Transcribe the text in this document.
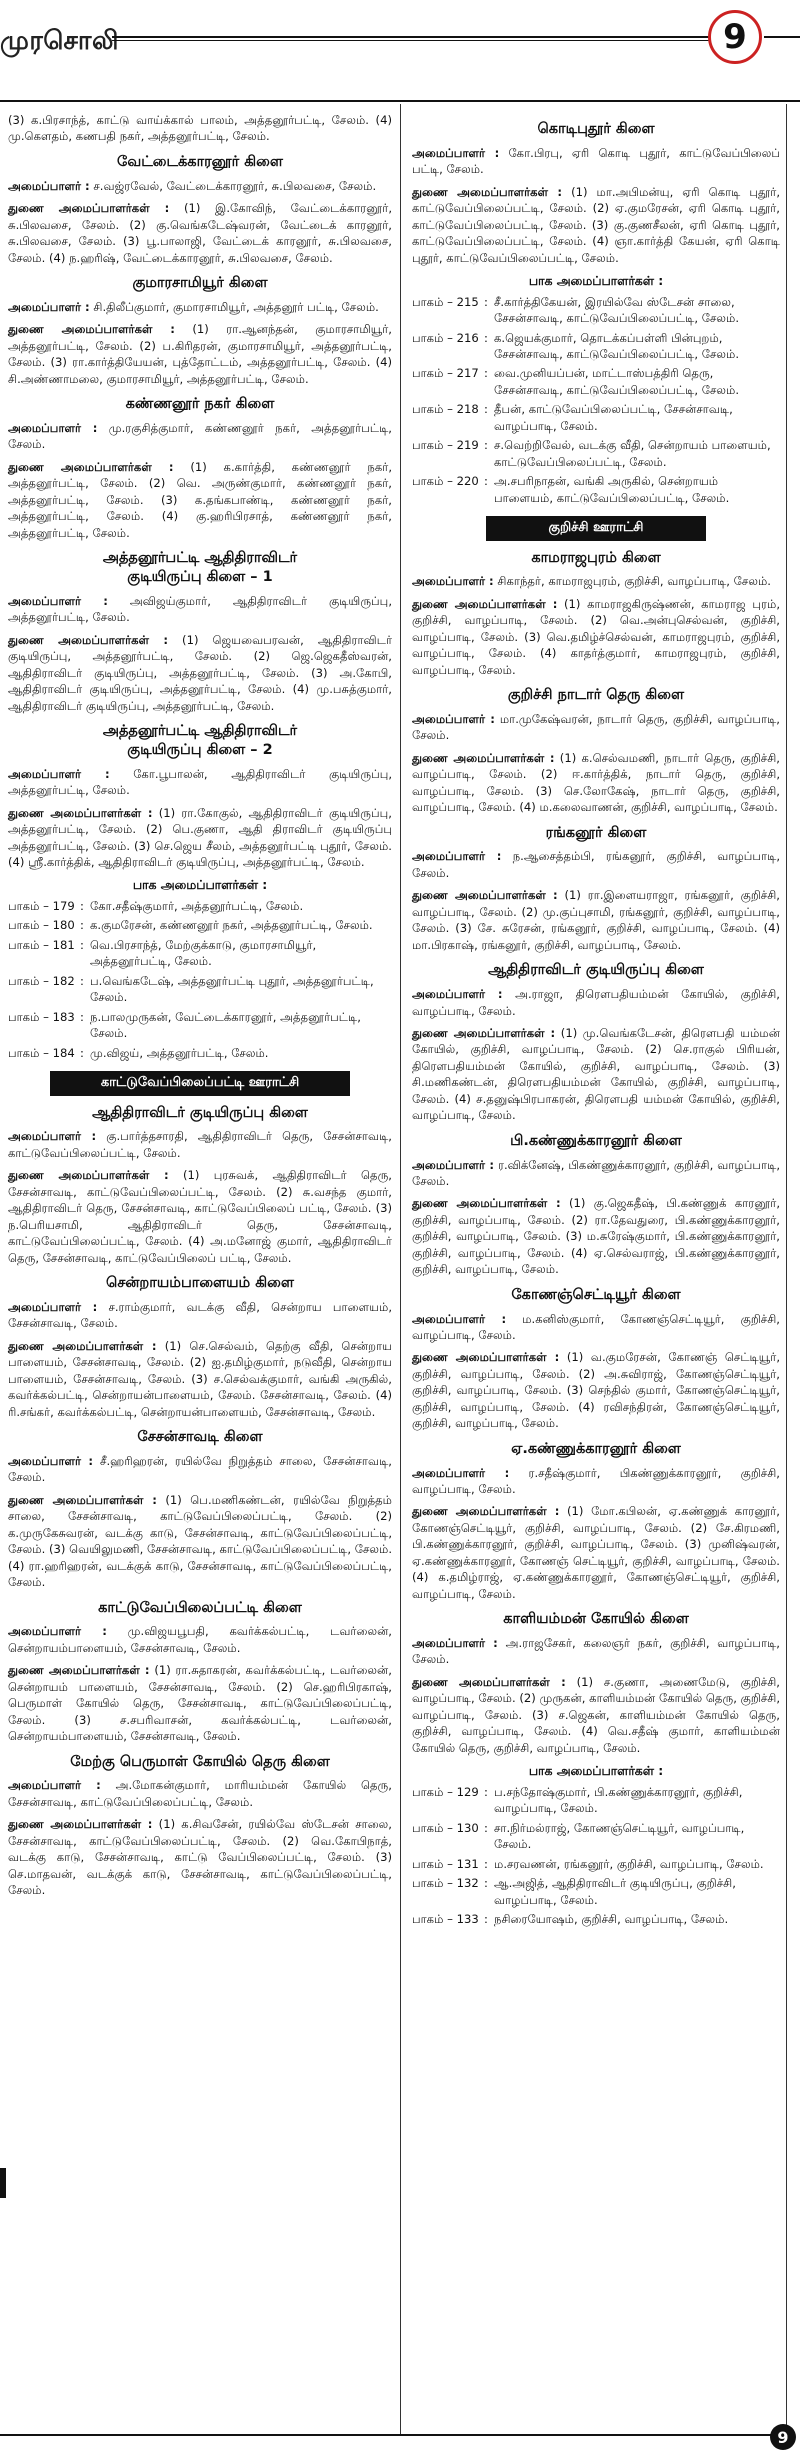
முரசொலி	9

(3) க.பிரசாந்த், காட்டு வாய்க்கால் பாலம், அத்தனூர்பட்டி, சேலம். (4) மு.கௌதம், கணபதி நகர், அத்தனூர்பட்டி, சேலம்.

வேட்டைக்காரனூர் கிளை

அமைப்பாளர் : ச.வஜ்ரவேல், வேட்டைக்காரனூர், சு.பிலவசை, சேலம்.

துணை அமைப்பாளர்கள் : (1) இ.கோவிந், வேட்டைக்காரனூர், சு.பிலவசை, சேலம். (2) கு.வெங்கடேஷ்வரன், வேட்டைக் காரனூர், சு.பிலவசை, சேலம். (3) பூ.பாலாஜி, வேட்டைக் காரனூர், சு.பிலவசை, சேலம். (4) ந.ஹரிஷ், வேட்டைக்காரனூர், சு.பிலவசை, சேலம்.

குமாரசாமியூர் கிளை

அமைப்பாளர் : சி.திலீப்குமார், குமாரசாமியூர், அத்தனூர் பட்டி, சேலம்.

துணை அமைப்பாளர்கள் : (1) ரா.ஆனந்தன், குமாரசாமியூர், அத்தனூர்பட்டி, சேலம். (2) ப.கிரிதரன், குமாரசாமியூர், அத்தனூர்பட்டி, சேலம். (3) ரா.கார்த்தியேயன், புத்தோட்டம், அத்தனூர்பட்டி, சேலம். (4) சி.அண்ணாமலை, குமாரசாமியூர், அத்தனூர்பட்டி, சேலம்.

கண்ணனூர் நகர் கிளை

அமைப்பாளர் : மு.ரகுசித்குமார், கண்ணனூர் நகர், அத்தனூர்பட்டி, சேலம்.

துணை அமைப்பாளர்கள் : (1) க.கார்த்தி, கண்ணனூர் நகர், அத்தனூர்பட்டி, சேலம். (2) வெ. அருண்குமார், கண்ணனூர் நகர், அத்தனூர்பட்டி, சேலம். (3) க.தங்கபாண்டி, கண்ணனூர் நகர், அத்தனூர்பட்டி, சேலம். (4) கு.ஹரிபிரசாத், கண்ணனூர் நகர், அத்தனூர்பட்டி, சேலம்.

அத்தனூர்பட்டி ஆதிதிராவிடர்
குடியிருப்பு கிளை – 1

அமைப்பாளர் : அவிஜய்குமார், ஆதிதிராவிடர் குடியிருப்பு, அத்தனூர்பட்டி, சேலம்.

துணை அமைப்பாளர்கள் : (1) ஜெயவைபரவன், ஆதிதிராவிடர் குடியிருப்பு, அத்தனூர்பட்டி, சேலம். (2) ஜெ.ஜெகதீஸ்வரன், ஆதிதிராவிடர் குடியிருப்பு, அத்தனூர்பட்டி, சேலம். (3) அ.கோபி, ஆதிதிராவிடர் குடியிருப்பு, அத்தனூர்பட்டி, சேலம். (4) மு.பசுத்குமார், ஆதிதிராவிடர் குடியிருப்பு, அத்தனூர்பட்டி, சேலம்.

அத்தனூர்பட்டி ஆதிதிராவிடர்
குடியிருப்பு கிளை – 2

அமைப்பாளர் : கோ.பூபாலன், ஆதிதிராவிடர் குடியிருப்பு, அத்தனூர்பட்டி, சேலம்.

துணை அமைப்பாளர்கள் : (1) ரா.கோகுல், ஆதிதிராவிடர் குடியிருப்பு, அத்தனூர்பட்டி, சேலம். (2) பெ.குணா, ஆதி திராவிடர் குடியிருப்பு அத்தனூர்பட்டி, சேலம். (3) செ.ஜெய சீலம், அத்தனூர்பட்டி புதூர், சேலம். (4) ஸ்ரீ.கார்த்திக், ஆதிதிராவிடர் குடியிருப்பு, அத்தனூர்பட்டி, சேலம்.

பாக அமைப்பாளர்கள் :
பாகம் – 179 : கோ.சதீஷ்குமார், அத்தனூர்பட்டி, சேலம்.
பாகம் – 180 : க.குமரேசன், கண்ணனூர் நகர், அத்தனூர்பட்டி, சேலம்.
பாகம் – 181 : வெ.பிரசாந்த், மேற்குக்காடு, குமாரசாமியூர், அத்தனூர்பட்டி, சேலம்.
பாகம் – 182 : ப.வெங்கடேஷ், அத்தனூர்பட்டி புதூர், அத்தனூர்பட்டி, சேலம்.
பாகம் – 183 : ந.பாலமுருகன், வேட்டைக்காரனூர், அத்தனூர்பட்டி, சேலம்.
பாகம் – 184 : மு.விஜய், அத்தனூர்பட்டி, சேலம்.
காட்டுவேப்பிலைப்பட்டி ஊராட்சி
ஆதிதிராவிடர் குடியிருப்பு கிளை

அமைப்பாளர் : கு.பார்த்தசாரதி, ஆதிதிராவிடர் தெரு, சேசன்சாவடி, காட்டுவேப்பிலைப்பட்டி, சேலம்.

துணை அமைப்பாளர்கள் : (1) புரசுவக், ஆதிதிராவிடர் தெரு, சேசன்சாவடி, காட்டுவேப்பிலைப்பட்டி, சேலம். (2) சு.வசந்த குமார், ஆதிதிராவிடர் தெரு, சேசன்சாவடி, காட்டுவேப்பிலைப் பட்டி, சேலம். (3) ந.பெரியசாமி, ஆதிதிராவிடர் தெரு, சேசன்சாவடி, காட்டுவேப்பிலைப்பட்டி, சேலம். (4) அ.மனோஜ் குமார், ஆதிதிராவிடர் தெரு, சேசன்சாவடி, காட்டுவேப்பிலைப் பட்டி, சேலம்.

சென்றாயம்பாளையம் கிளை

அமைப்பாளர் : ச.ராம்குமார், வடக்கு வீதி, சென்றாய பாளையம், சேசன்சாவடி, சேலம்.

துணை அமைப்பாளர்கள் : (1) செ.செல்வம், தெற்கு வீதி, சென்றாய பாளையம், சேசன்சாவடி, சேலம். (2) ஐ.தமிழ்குமார், நடுவீதி, சென்றாய பாளையம், சேசன்சாவடி, சேலம். (3) ச.செல்வக்குமார், வங்கி அருகில், கவர்க்கல்பட்டி, சென்றாயன்பாளையம், சேலம். சேசன்சாவடி, சேலம். (4) ரி.சங்கர், கவர்க்கல்பட்டி, சென்றாயன்பாளையம், சேசன்சாவடி, சேலம்.

சேசன்சாவடி கிளை

அமைப்பாளர் : சீ.ஹரிஹரன், ரயில்வே நிறுத்தம் சாலை, சேசன்சாவடி, சேலம்.

துணை அமைப்பாளர்கள் : (1) பெ.மணிகண்டன், ரயில்வே நிறுத்தம் சாலை, சேசன்சாவடி, காட்டுவேப்பிலைப்பட்டி, சேலம். (2) க.முருகேசுவரன், வடக்கு காடு, சேசன்சாவடி, காட்டுவேப்பிலைப்பட்டி, சேலம். (3) வெயிலுமணி, சேசன்சாவடி, காட்டுவேப்பிலைப்பட்டி, சேலம். (4) ரா.ஹரிஹரன், வடக்குக் காடு, சேசன்சாவடி, காட்டுவேப்பிலைப்பட்டி, சேலம்.

காட்டுவேப்பிலைப்பட்டி கிளை

அமைப்பாளர் : மு.விஜயபூபதி, கவர்க்கல்பட்டி, டவர்லைன், சென்றாயம்பாளையம், சேசன்சாவடி, சேலம்.

துணை அமைப்பாளர்கள் : (1) ரா.சுதாகரன், கவர்க்கல்பட்டி, டவர்லைன், சென்றாயம் பாளையம், சேசன்சாவடி, சேலம். (2) செ.ஹரிபிரகாஷ், பெருமாள் கோயில் தெரு, சேசன்சாவடி, காட்டுவேப்பிலைப்பட்டி, சேலம். (3) ச.சபரிவாசன், கவர்க்கல்பட்டி, டவர்லைன், சென்றாயம்பாளையம், சேசன்சாவடி, சேலம்.

மேற்கு பெருமாள் கோயில் தெரு கிளை

அமைப்பாளர் : அ.மோகன்குமார், மாரியம்மன் கோயில் தெரு, சேசன்சாவடி, காட்டுவேப்பிலைப்பட்டி, சேலம்.

துணை அமைப்பாளர்கள் : (1) க.சிவசேன், ரயில்வே ஸ்டேசன் சாலை, சேசன்சாவடி, காட்டுவேப்பிலைப்பட்டி, சேலம். (2) வெ.கோபிநாத், வடக்கு காடு, சேசன்சாவடி, காட்டு வேப்பிலைப்பட்டி, சேலம். (3) செ.மாதவன், வடக்குக் காடு, சேசன்சாவடி, காட்டுவேப்பிலைப்பட்டி, சேலம்.

கொடிபுதூர் கிளை

அமைப்பாளர் : கோ.பிரபு, ஏரி கொடி புதூர், காட்டுவேப்பிலைப் பட்டி, சேலம்.

துணை அமைப்பாளர்கள் : (1) மா.அபிமன்யு, ஏரி கொடி புதூர், காட்டுவேப்பிலைப்பட்டி, சேலம். (2) ஏ.குமரேசன், ஏரி கொடி புதூர், காட்டுவேப்பிலைப்பட்டி, சேலம். (3) கு.குணசீலன், ஏரி கொடி புதூர், காட்டுவேப்பிலைப்பட்டி, சேலம். (4) ஞா.கார்த்தி கேயன், ஏரி கொடி புதூர், காட்டுவேப்பிலைப்பட்டி, சேலம்.

பாக அமைப்பாளர்கள் :
பாகம் – 215 : சீ.கார்த்திகேயன், இரயில்வே ஸ்டேசன் சாலை, சேசன்சாவடி, காட்டுவேப்பிலைப்பட்டி, சேலம்.
பாகம் – 216 : க.ஜெயக்குமார், தொடக்கப்பள்ளி பின்புறம், சேசன்சாவடி, காட்டுவேப்பிலைப்பட்டி, சேலம்.
பாகம் – 217 : வை.முனியப்பன், மாட்டாஸ்பத்திரி தெரு, சேசன்சாவடி, காட்டுவேப்பிலைப்பட்டி, சேலம்.
பாகம் – 218 : தீபன், காட்டுவேப்பிலைப்பட்டி, சேசன்சாவடி, வாழப்பாடி, சேலம்.
பாகம் – 219 : ச.வெற்றிவேல், வடக்கு வீதி, சென்றாயம் பாளையம், காட்டுவேப்பிலைப்பட்டி, சேலம்.
பாகம் – 220 : அ.சபரிநாதன், வங்கி அருகில், சென்றாயம் பாளையம், காட்டுவேப்பிலைப்பட்டி, சேலம்.
குறிச்சி ஊராட்சி
காமராஜபுரம் கிளை

அமைப்பாளர் : சிகாந்தர், காமராஜபுரம், குறிச்சி, வாழப்பாடி, சேலம்.

துணை அமைப்பாளர்கள் : (1) காமராஜகிருஷ்ணன், காமராஜ புரம், குறிச்சி, வாழப்பாடி, சேலம். (2) வெ.அன்புசெல்வன், குறிச்சி, வாழப்பாடி, சேலம். (3) வெ.தமிழ்ச்செல்வன், காமராஜபுரம், குறிச்சி, வாழப்பாடி, சேலம். (4) காதர்த்குமார், காமராஜபுரம், குறிச்சி, வாழப்பாடி, சேலம்.

குறிச்சி நாடார் தெரு கிளை

அமைப்பாளர் : மா.முகேஷ்வரன், நாடார் தெரு, குறிச்சி, வாழப்பாடி, சேலம்.

துணை அமைப்பாளர்கள் : (1) க.செல்வமணி, நாடார் தெரு, குறிச்சி, வாழப்பாடி, சேலம். (2) ஈ.கார்த்திக், நாடார் தெரு, குறிச்சி, வாழப்பாடி, சேலம். (3) செ.லோகேஷ், நாடார் தெரு, குறிச்சி, வாழப்பாடி, சேலம். (4) ம.கலைவாணன், குறிச்சி, வாழப்பாடி, சேலம்.

ரங்கனூர் கிளை

அமைப்பாளர் : ந.ஆசைத்தம்பி, ரங்கனூர், குறிச்சி, வாழப்பாடி, சேலம்.

துணை அமைப்பாளர்கள் : (1) ரா.இளையராஜா, ரங்கனூர், குறிச்சி, வாழப்பாடி, சேலம். (2) மு.குப்புசாமி, ரங்கனூர், குறிச்சி, வாழப்பாடி, சேலம். (3) சே. சுரேசன், ரங்கனூர், குறிச்சி, வாழப்பாடி, சேலம். (4) மா.பிரகாஷ், ரங்கனூர், குறிச்சி, வாழப்பாடி, சேலம்.

ஆதிதிராவிடர் குடியிருப்பு கிளை

அமைப்பாளர் : அ.ராஜா, திரௌபதியம்மன் கோயில், குறிச்சி, வாழப்பாடி, சேலம்.

துணை அமைப்பாளர்கள் : (1) மு.வெங்கடேசன், திரௌபதி யம்மன் கோயில், குறிச்சி, வாழப்பாடி, சேலம். (2) செ.ராகுல் பிரியன், திரௌபதியம்மன் கோயில், குறிச்சி, வாழப்பாடி, சேலம். (3) சி.மணிகண்டன், திரௌபதியம்மன் கோயில், குறிச்சி, வாழப்பாடி, சேலம். (4) ச.தனுஷ்பிரபாகரன், திரௌபதி யம்மன் கோயில், குறிச்சி, வாழப்பாடி, சேலம்.

பி.கண்ணுக்காரனூர் கிளை

அமைப்பாளர் : ர.விக்னேஷ், பிகண்ணுக்காரனூர், குறிச்சி, வாழப்பாடி, சேலம்.

துணை அமைப்பாளர்கள் : (1) கு.ஜெகதீஷ், பி.கண்ணுக் காரனூர், குறிச்சி, வாழப்பாடி, சேலம். (2) ரா.தேவதுரை, பி.கண்ணுக்காரனூர், குறிச்சி, வாழப்பாடி, சேலம். (3) ம.சுரேஷ்குமார், பி.கண்ணுக்காரனூர், குறிச்சி, வாழப்பாடி, சேலம். (4) ஏ.செல்வராஜ், பி.கண்ணுக்காரனூர், குறிச்சி, வாழப்பாடி, சேலம்.

கோணஞ்செட்டியூர் கிளை

அமைப்பாளர் : ம.கனிஸ்குமார், கோணஞ்செட்டியூர், குறிச்சி, வாழப்பாடி, சேலம்.

துணை அமைப்பாளர்கள் : (1) வ.குமரேசன், கோணஞ் செட்டியூர், குறிச்சி, வாழப்பாடி, சேலம். (2) அ.சுவிராஜ், கோணஞ்செட்டியூர், குறிச்சி, வாழப்பாடி, சேலம். (3) செந்தில் குமார், கோணஞ்செட்டியூர், குறிச்சி, வாழப்பாடி, சேலம். (4) ரவிசந்திரன், கோணஞ்செட்டியூர், குறிச்சி, வாழப்பாடி, சேலம்.

ஏ.கண்ணுக்காரனூர் கிளை

அமைப்பாளர் : ர.சதீஷ்குமார், பிகண்ணுக்காரனூர், குறிச்சி, வாழப்பாடி, சேலம்.

துணை அமைப்பாளர்கள் : (1) மோ.கபிலன், ஏ.கண்ணுக் காரனூர், கோணஞ்செட்டியூர், குறிச்சி, வாழப்பாடி, சேலம். (2) சே.கிரமணி, பி.கண்ணுக்காரனூர், குறிச்சி, வாழப்பாடி, சேலம். (3) முனிஷ்வரன், ஏ.கண்ணுக்காரனூர், கோணஞ் செட்டியூர், குறிச்சி, வாழப்பாடி, சேலம். (4) க.தமிழ்ராஜ், ஏ.கண்ணுக்காரனூர், கோணஞ்செட்டியூர், குறிச்சி, வாழப்பாடி, சேலம்.

காளியம்மன் கோயில் கிளை

அமைப்பாளர் : அ.ராஜசேகர், கலைஞர் நகர், குறிச்சி, வாழப்பாடி, சேலம்.

துணை அமைப்பாளர்கள் : (1) ச.குணா, அணைமேடு, குறிச்சி, வாழப்பாடி, சேலம். (2) முருகன், காளியம்மன் கோயில் தெரு, குறிச்சி, வாழப்பாடி, சேலம். (3) ச.ஜெகன், காளியம்மன் கோயில் தெரு, குறிச்சி, வாழப்பாடி, சேலம். (4) வெ.சதீஷ் குமார், காளியம்மன் கோயில் தெரு, குறிச்சி, வாழப்பாடி, சேலம்.

பாக அமைப்பாளர்கள் :
பாகம் – 129 : ப.சந்தோஷ்குமார், பி.கண்ணுக்காரனூர், குறிச்சி, வாழப்பாடி, சேலம்.
பாகம் – 130 : சா.நிர்மல்ராஜ், கோணஞ்செட்டியூர், வாழப்பாடி, சேலம்.
பாகம் – 131 : ம.சரவணன், ரங்கனூர், குறிச்சி, வாழப்பாடி, சேலம்.
பாகம் – 132 : ஆ.அஜித், ஆதிதிராவிடர் குடியிருப்பு, குறிச்சி, வாழப்பாடி, சேலம்.
பாகம் – 133 : நசிரையோஷம், குறிச்சி, வாழப்பாடி, சேலம்.
9
